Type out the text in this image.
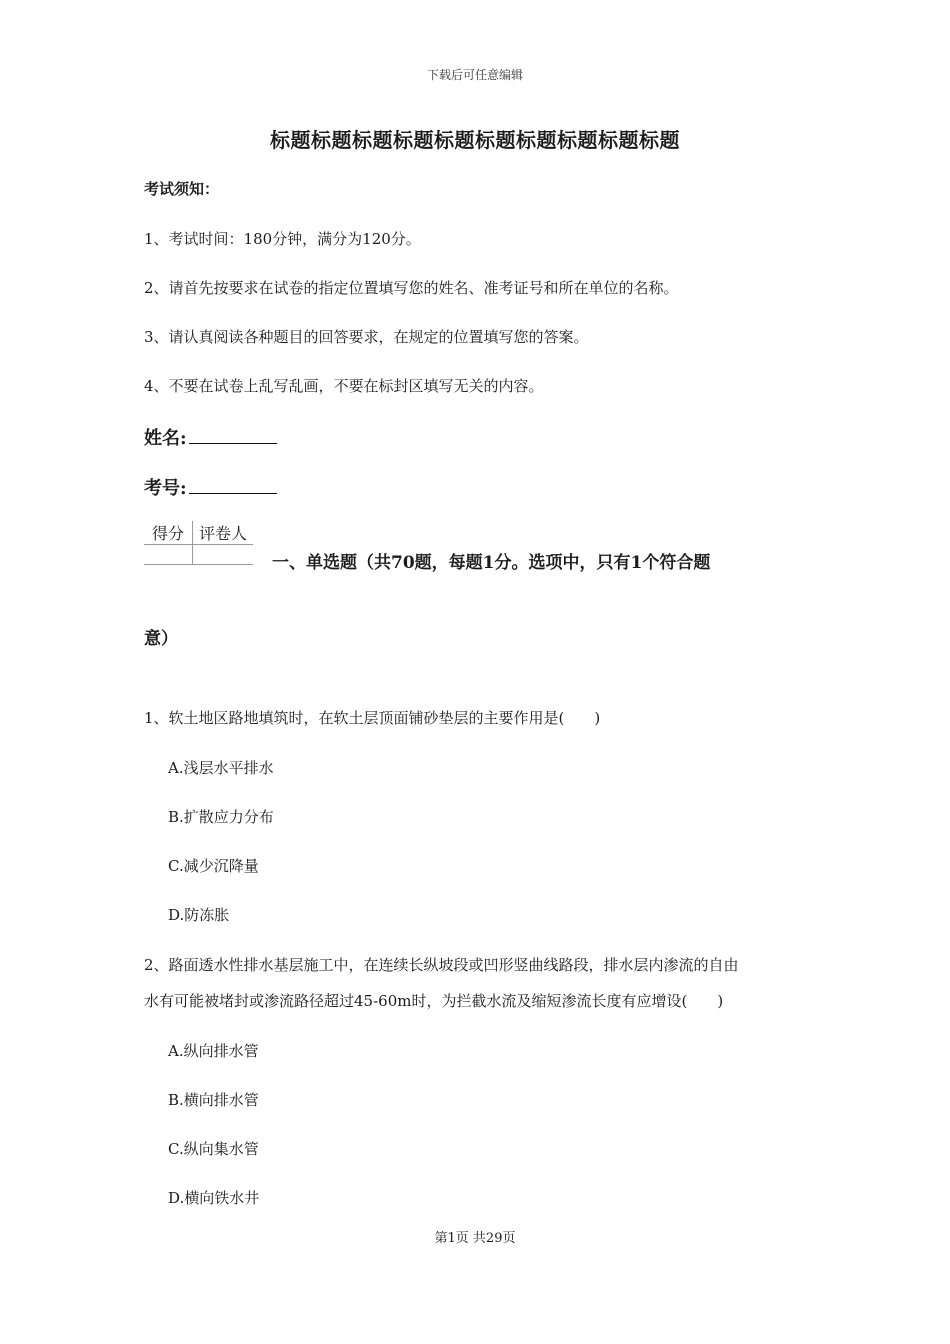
下载后可任意编辑
标题标题标题标题标题标题标题标题标题标题
考试须知：
1、考试时间：180分钟，满分为120分。
2、请首先按要求在试卷的指定位置填写您的姓名、准考证号和所在单位的名称。
3、请认真阅读各种题目的回答要求，在规定的位置填写您的答案。
4、不要在试卷上乱写乱画，不要在标封区填写无关的内容。
姓名:
考号:
得分	评卷人

一、单选题（共70题，每题1分。选项中，只有1个符合题
意）
1、软土地区路地填筑时，在软土层顶面铺砂垫层的主要作用是(　　)
A.浅层水平排水
B.扩散应力分布
C.减少沉降量
D.防冻胀
2、路面透水性排水基层施工中，在连续长纵坡段或凹形竖曲线路段，排水层内渗流的自由
水有可能被堵封或渗流路径超过45-60m时，为拦截水流及缩短渗流长度有应增设(　　)
A.纵向排水管
B.横向排水管
C.纵向集水管
D.横向铁水井
第1页 共29页
